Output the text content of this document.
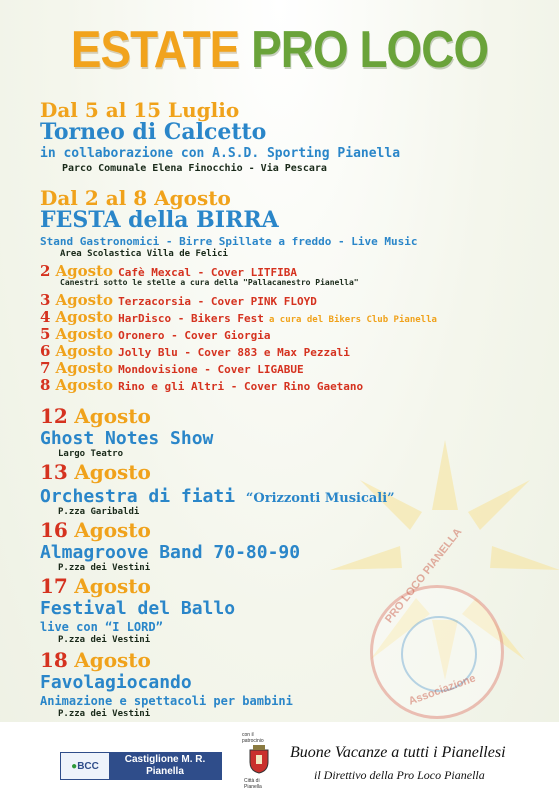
ESTATE PRO LOCO
Dal 5 al 15 Luglio
Torneo di Calcetto
in collaborazione con A.S.D. Sporting Pianella
Parco Comunale Elena Finocchio - Via Pescara
Dal 2 al 8 Agosto
FESTA della BIRRA
Stand Gastronomici - Birre Spillate a freddo - Live Music
Area Scolastica Villa de Felici
2 Agosto Cafè Mexcal - Cover LITFIBA
Canestri sotto le stelle a cura della "Pallacanestro Pianella"
3 Agosto Terzacorsia - Cover PINK FLOYD
4 Agosto HarDisco - Bikers Fest a cura del Bikers Club Pianella
5 Agosto Oronero - Cover Giorgia
6 Agosto Jolly Blu - Cover 883 e Max Pezzali
7 Agosto Mondovisione - Cover LIGABUE
8 Agosto Rino e gli Altri - Cover Rino Gaetano
12 Agosto
Ghost Notes Show
Largo Teatro
13 Agosto
Orchestra di fiati “Orizzonti Musicali”
P.zza Garibaldi
16 Agosto
Almagroove Band 70-80-90
P.zza dei Vestini
17 Agosto
Festival del Ballo
live con “I LORD”
P.zza dei Vestini
18 Agosto
Favolagiocando
Animazione e spettacoli per bambini
P.zza dei Vestini
PRO LOCO PIANELLA
Associazione
● BCC
Castiglione M. R.
Pianella
con il patrocinio
Città di Pianella
Buone Vacanze a tutti i Pianellesi
il Direttivo della Pro Loco Pianella
